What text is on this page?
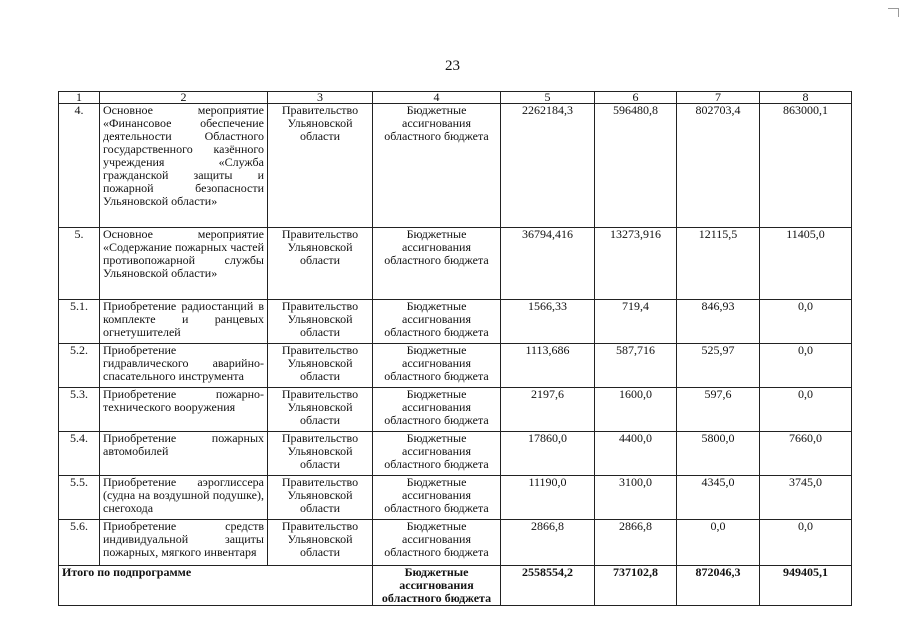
23
1	2	3	4	5	6	7	8
4.	Основное мероприятие «Финансовое обеспечение деятельности Областного государственного казённого учреждения «Служба гражданской защиты и пожарной безопасности Ульяновской области»	Правительство Ульяновской области	Бюджетные ассигнования областного бюджета	2262184,3	596480,8	802703,4	863000,1
5.	Основное мероприятие «Содержание пожарных частей противопожарной службы Ульяновской области»	Правительство Ульяновской области	Бюджетные ассигнования областного бюджета	36794,416	13273,916	12115,5	11405,0
5.1.	Приобретение радиостанций в комплекте и ранцевых огнетушителей	Правительство Ульяновской области	Бюджетные ассигнования областного бюджета	1566,33	719,4	846,93	0,0
5.2.	Приобретение гидравлического аварийно-спасательного инструмента	Правительство Ульяновской области	Бюджетные ассигнования областного бюджета	1113,686	587,716	525,97	0,0
5.3.	Приобретение пожарно-технического вооружения	Правительство Ульяновской области	Бюджетные ассигнования областного бюджета	2197,6	1600,0	597,6	0,0
5.4.	Приобретение пожарных автомобилей	Правительство Ульяновской области	Бюджетные ассигнования областного бюджета	17860,0	4400,0	5800,0	7660,0
5.5.	Приобретение аэроглиссера (судна на воздушной подушке), снегохода	Правительство Ульяновской области	Бюджетные ассигнования областного бюджета	11190,0	3100,0	4345,0	3745,0
5.6.	Приобретение средств индивидуальной защиты пожарных, мягкого инвентаря	Правительство Ульяновской области	Бюджетные ассигнования областного бюджета	2866,8	2866,8	0,0	0,0
Итого по подпрограмме			Бюджетные ассигнования областного бюджета	2558554,2	737102,8	872046,3	949405,1
